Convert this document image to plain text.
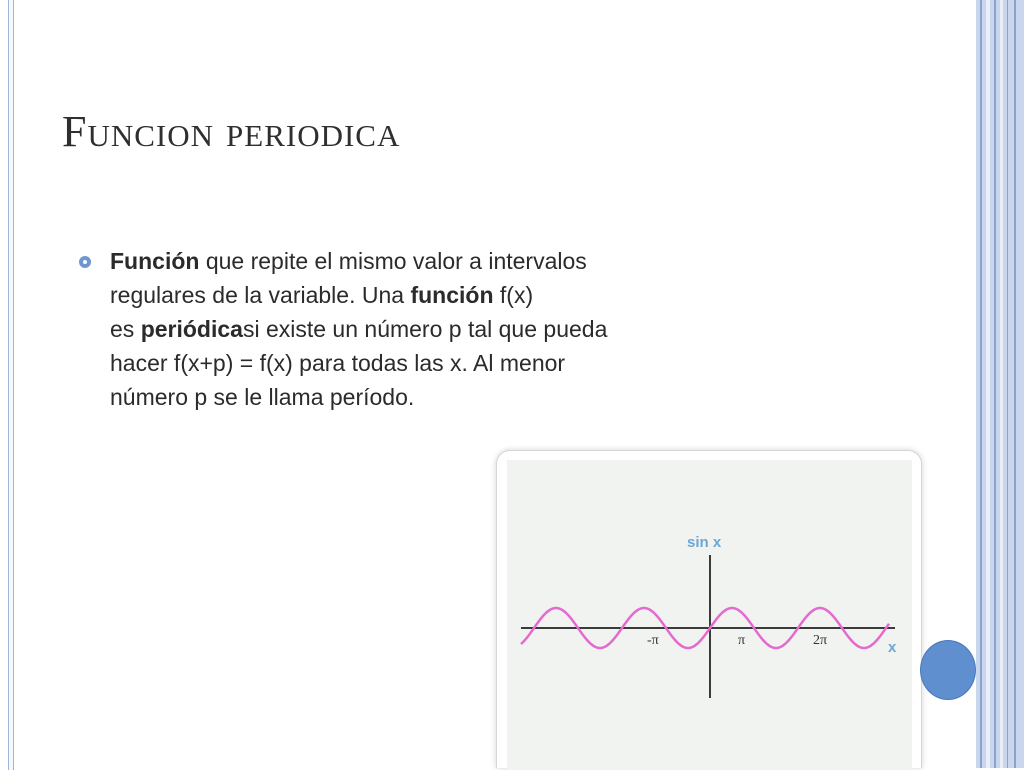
Funcion periodica

Función que repite el mismo valor a intervalos
regulares de la variable. Una función f(x)
es periódicasi existe un número p tal que pueda
hacer f(x+p) = f(x) para todas las x. Al menor
número p se le llama período.

sin x
x
-π	π	2π
